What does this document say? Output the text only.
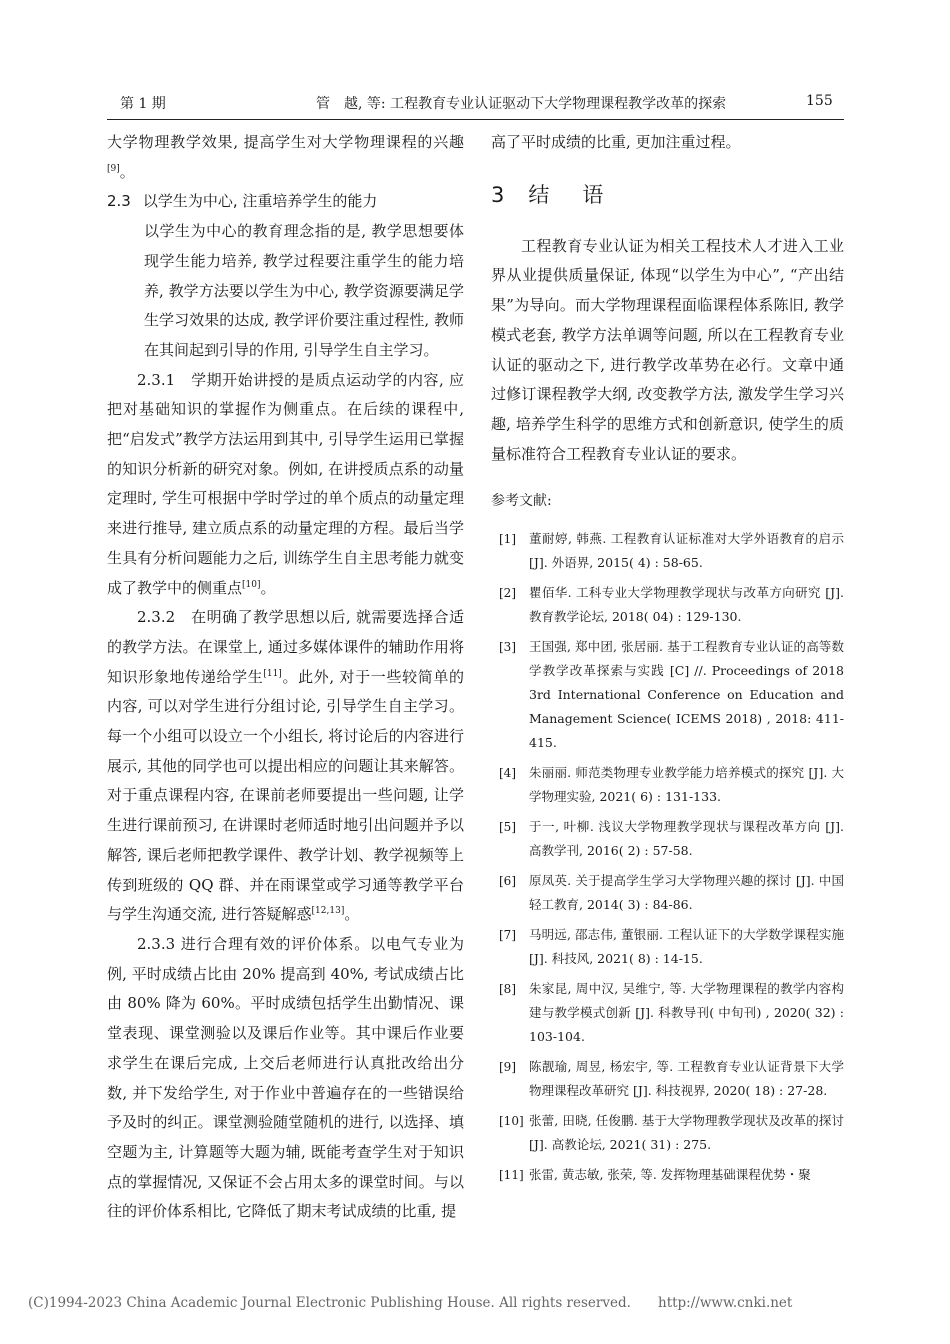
第 1 期	管　越, 等: 工程教育专业认证驱动下大学物理课程教学改革的探索	155

大学物理教学效果, 提高学生对大学物理课程的兴趣[9]。

2.3 以学生为中心, 注重培养学生的能力

以学生为中心的教育理念指的是, 教学思想要体现学生能力培养, 教学过程要注重学生的能力培养, 教学方法要以学生为中心, 教学资源要满足学生学习效果的达成, 教学评价要注重过程性, 教师在其间起到引导的作用, 引导学生自主学习。

2.3.1　学期开始讲授的是质点运动学的内容, 应把对基础知识的掌握作为侧重点。在后续的课程中, 把“启发式”教学方法运用到其中, 引导学生运用已掌握的知识分析新的研究对象。例如, 在讲授质点系的动量定理时, 学生可根据中学时学过的单个质点的动量定理来进行推导, 建立质点系的动量定理的方程。最后当学生具有分析问题能力之后, 训练学生自主思考能力就变成了教学中的侧重点[10]。

2.3.2　在明确了教学思想以后, 就需要选择合适的教学方法。在课堂上, 通过多媒体课件的辅助作用将知识形象地传递给学生[11]。此外, 对于一些较简单的内容, 可以对学生进行分组讨论, 引导学生自主学习。每一个小组可以设立一个小组长, 将讨论后的内容进行展示, 其他的同学也可以提出相应的问题让其来解答。对于重点课程内容, 在课前老师要提出一些问题, 让学生进行课前预习, 在讲课时老师适时地引出问题并予以解答, 课后老师把教学课件、教学计划、教学视频等上传到班级的 QQ 群、并在雨课堂或学习通等教学平台与学生沟通交流, 进行答疑解惑[12,13]。

2.3.3 进行合理有效的评价体系。以电气专业为例, 平时成绩占比由 20% 提高到 40%, 考试成绩占比由 80% 降为 60%。平时成绩包括学生出勤情况、课堂表现、课堂测验以及课后作业等。其中课后作业要求学生在课后完成, 上交后老师进行认真批改给出分数, 并下发给学生, 对于作业中普遍存在的一些错误给予及时的纠正。课堂测验随堂随机的进行, 以选择、填空题为主, 计算题等大题为辅, 既能考查学生对于知识点的掌握情况, 又保证不会占用太多的课堂时间。与以往的评价体系相比, 它降低了期末考试成绩的比重, 提

高了平时成绩的比重, 更加注重过程。

3 结　语

工程教育专业认证为相关工程技术人才进入工业界从业提供质量保证, 体现“以学生为中心”, “产出结果”为导向。而大学物理课程面临课程体系陈旧, 教学模式老套, 教学方法单调等问题, 所以在工程教育专业认证的驱动之下, 进行教学改革势在必行。文章中通过修订课程教学大纲, 改变教学方法, 激发学生学习兴趣, 培养学生科学的思维方式和创新意识, 使学生的质量标准符合工程教育专业认证的要求。

参考文献:

[1] 董耐婷, 韩燕. 工程教育认证标准对大学外语教育的启示 [J]. 外语界, 2015( 4) : 58-65.
[2] 瞿佰华. 工科专业大学物理教学现状与改革方向研究 [J]. 教育教学论坛, 2018( 04) : 129-130.
[3] 王国强, 郑中团, 张居丽. 基于工程教育专业认证的高等数学教学改革探索与实践 [C] //. Proceedings of 2018 3rd International Conference on Education and Management Science( ICEMS 2018) , 2018: 411-415.
[4] 朱丽丽. 师范类物理专业教学能力培养模式的探究 [J]. 大学物理实验, 2021( 6) : 131-133.
[5] 于一, 叶柳. 浅议大学物理教学现状与课程改革方向 [J]. 高教学刊, 2016( 2) : 57-58.
[6] 原凤英. 关于提高学生学习大学物理兴趣的探讨 [J]. 中国轻工教育, 2014( 3) : 84-86.
[7] 马明远, 邵志伟, 董银丽. 工程认证下的大学数学课程实施 [J]. 科技风, 2021( 8) : 14-15.
[8] 朱家昆, 周中汉, 吴维宁, 等. 大学物理课程的教学内容构建与教学模式创新 [J]. 科教导刊( 中旬刊) , 2020( 32) : 103-104.
[9] 陈靓瑜, 周昱, 杨宏宇, 等. 工程教育专业认证背景下大学物理课程改革研究 [J]. 科技视界, 2020( 18) : 27-28.
[10] 张蕾, 田晓, 任俊鹏. 基于大学物理教学现状及改革的探讨 [J]. 高教论坛, 2021( 31) : 275.
[11] 张雷, 黄志敏, 张荣, 等. 发挥物理基础课程优势・聚
(C)1994-2023 China Academic Journal Electronic Publishing House. All rights reserved. http://www.cnki.net
